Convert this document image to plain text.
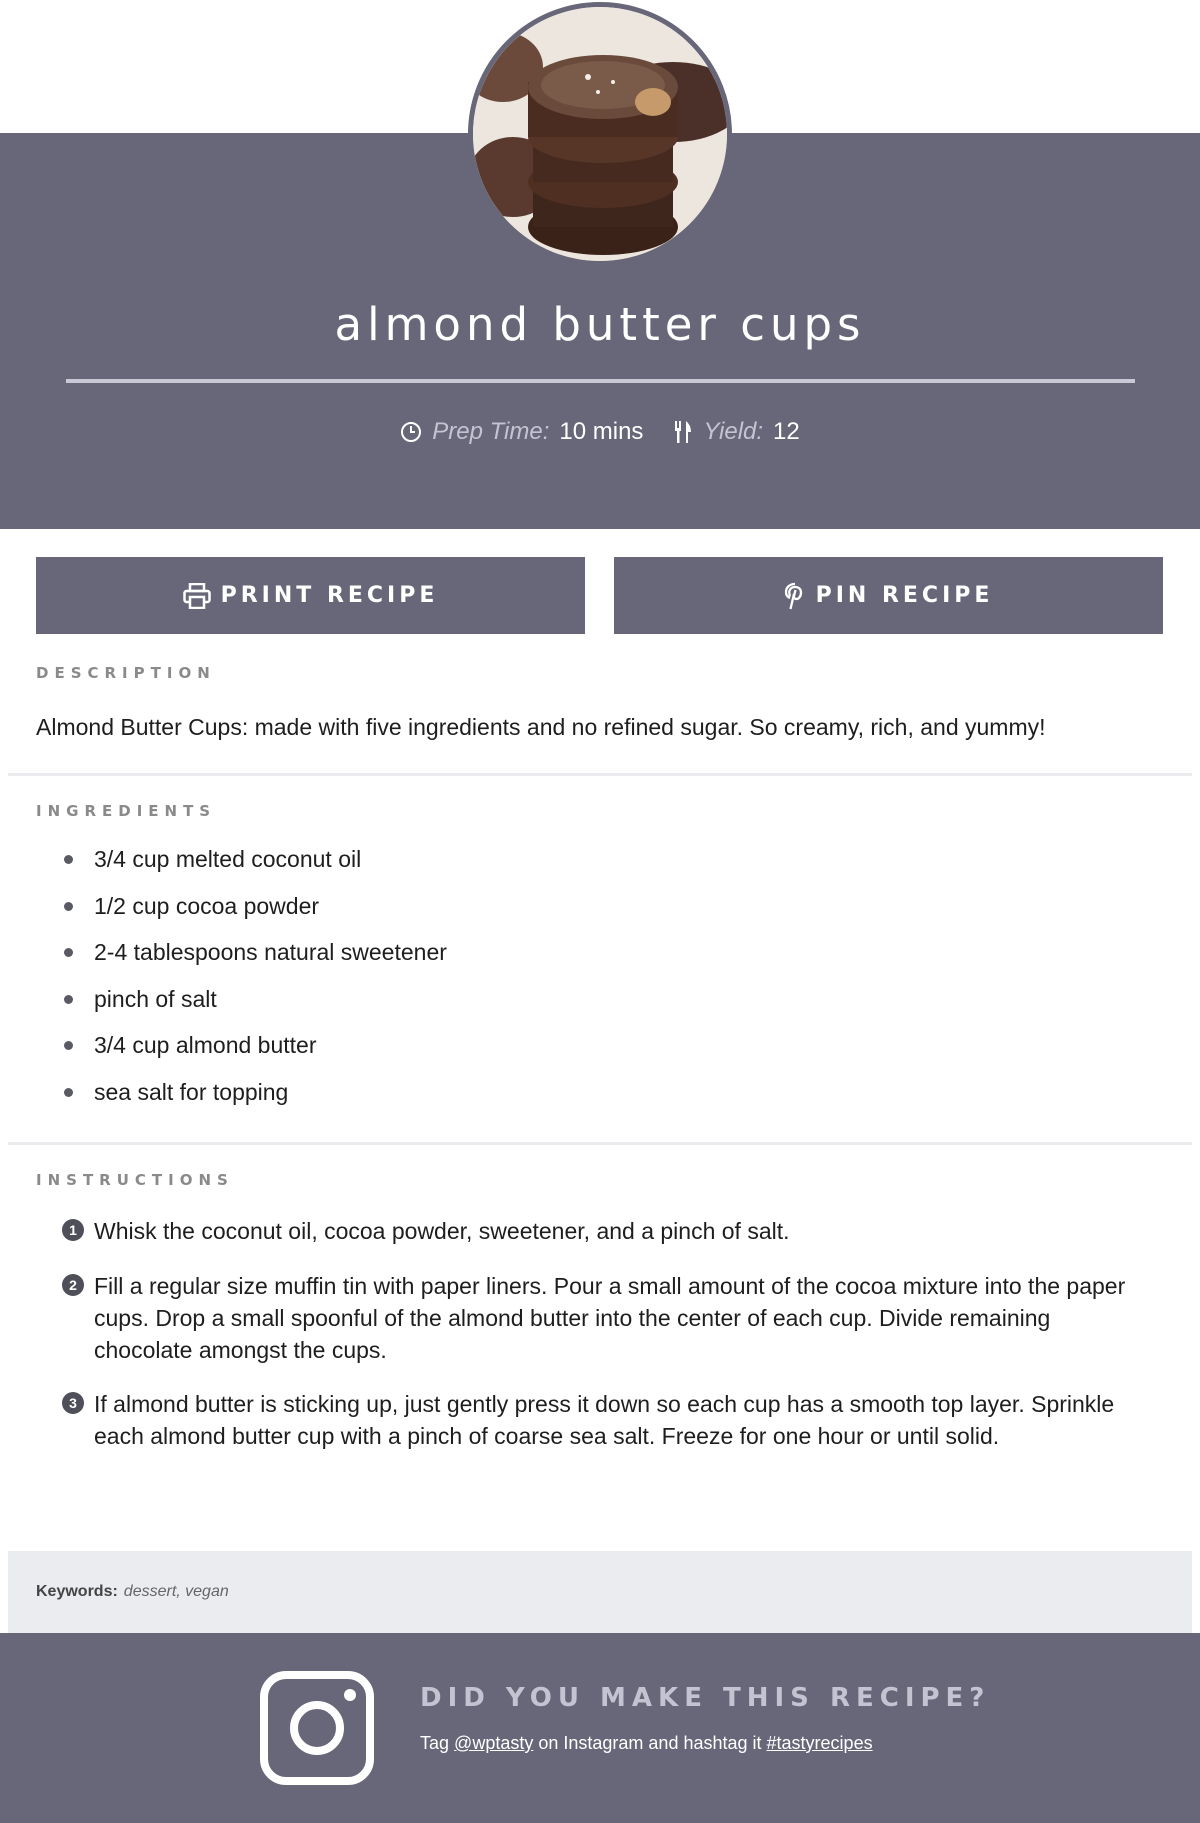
almond butter cups
Prep Time: 10 mins	Yield: 12
PRINT RECIPE	PIN RECIPE
DESCRIPTION
Almond Butter Cups: made with five ingredients and no refined sugar. So creamy, rich, and yummy!
INGREDIENTS
3/4 cup melted coconut oil
1/2 cup cocoa powder
2-4 tablespoons natural sweetener
pinch of salt
3/4 cup almond butter
sea salt for topping
INSTRUCTIONS
1 Whisk the coconut oil, cocoa powder, sweetener, and a pinch of salt.
2 Fill a regular size muffin tin with paper liners. Pour a small amount of the cocoa mixture into the paper cups. Drop a small spoonful of the almond butter into the center of each cup. Divide remaining chocolate amongst the cups.
3 If almond butter is sticking up, just gently press it down so each cup has a smooth top layer. Sprinkle each almond butter cup with a pinch of coarse sea salt. Freeze for one hour or until solid.
Keywords: dessert, vegan
DID YOU MAKE THIS RECIPE?
Tag @wptasty on Instagram and hashtag it #tastyrecipes
